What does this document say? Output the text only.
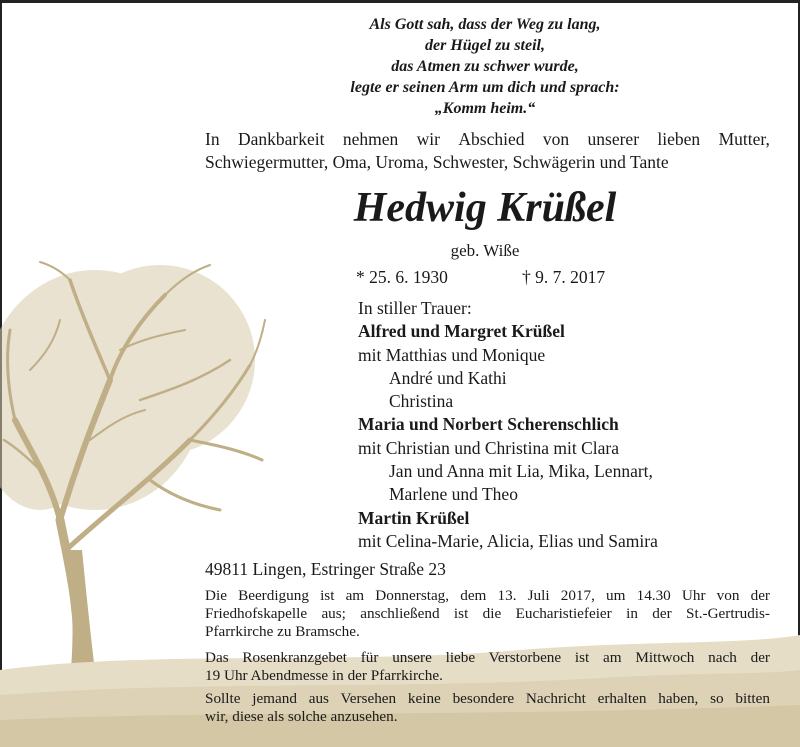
Als Gott sah, dass der Weg zu lang,
der Hügel zu steil,
das Atmen zu schwer wurde,
legte er seinen Arm um dich und sprach:
„Komm heim.“
In Dankbarkeit nehmen wir Abschied von unserer lieben Mutter,
Schwiegermutter, Oma, Uroma, Schwester, Schwägerin und Tante
Hedwig Krüßel
geb. Wiße
* 25. 6. 1930	† 9. 7. 2017
In stiller Trauer:
Alfred und Margret Krüßel
mit Matthias und Monique
André und Kathi
Christina
Maria und Norbert Scherenschlich
mit Christian und Christina mit Clara
Jan und Anna mit Lia, Mika, Lennart,
Marlene und Theo
Martin Krüßel
mit Celina-Marie, Alicia, Elias und Samira
49811 Lingen, Estringer Straße 23
Die Beerdigung ist am Donnerstag, dem 13. Juli 2017, um 14.30 Uhr von der
Friedhofskapelle aus; anschließend ist die Eucharistiefeier in der St.-Gertrudis-
Pfarrkirche zu Bramsche.
Das Rosenkranzgebet für unsere liebe Verstorbene ist am Mittwoch nach der
19 Uhr Abendmesse in der Pfarrkirche.
Sollte jemand aus Versehen keine besondere Nachricht erhalten haben, so bitten
wir, diese als solche anzusehen.
